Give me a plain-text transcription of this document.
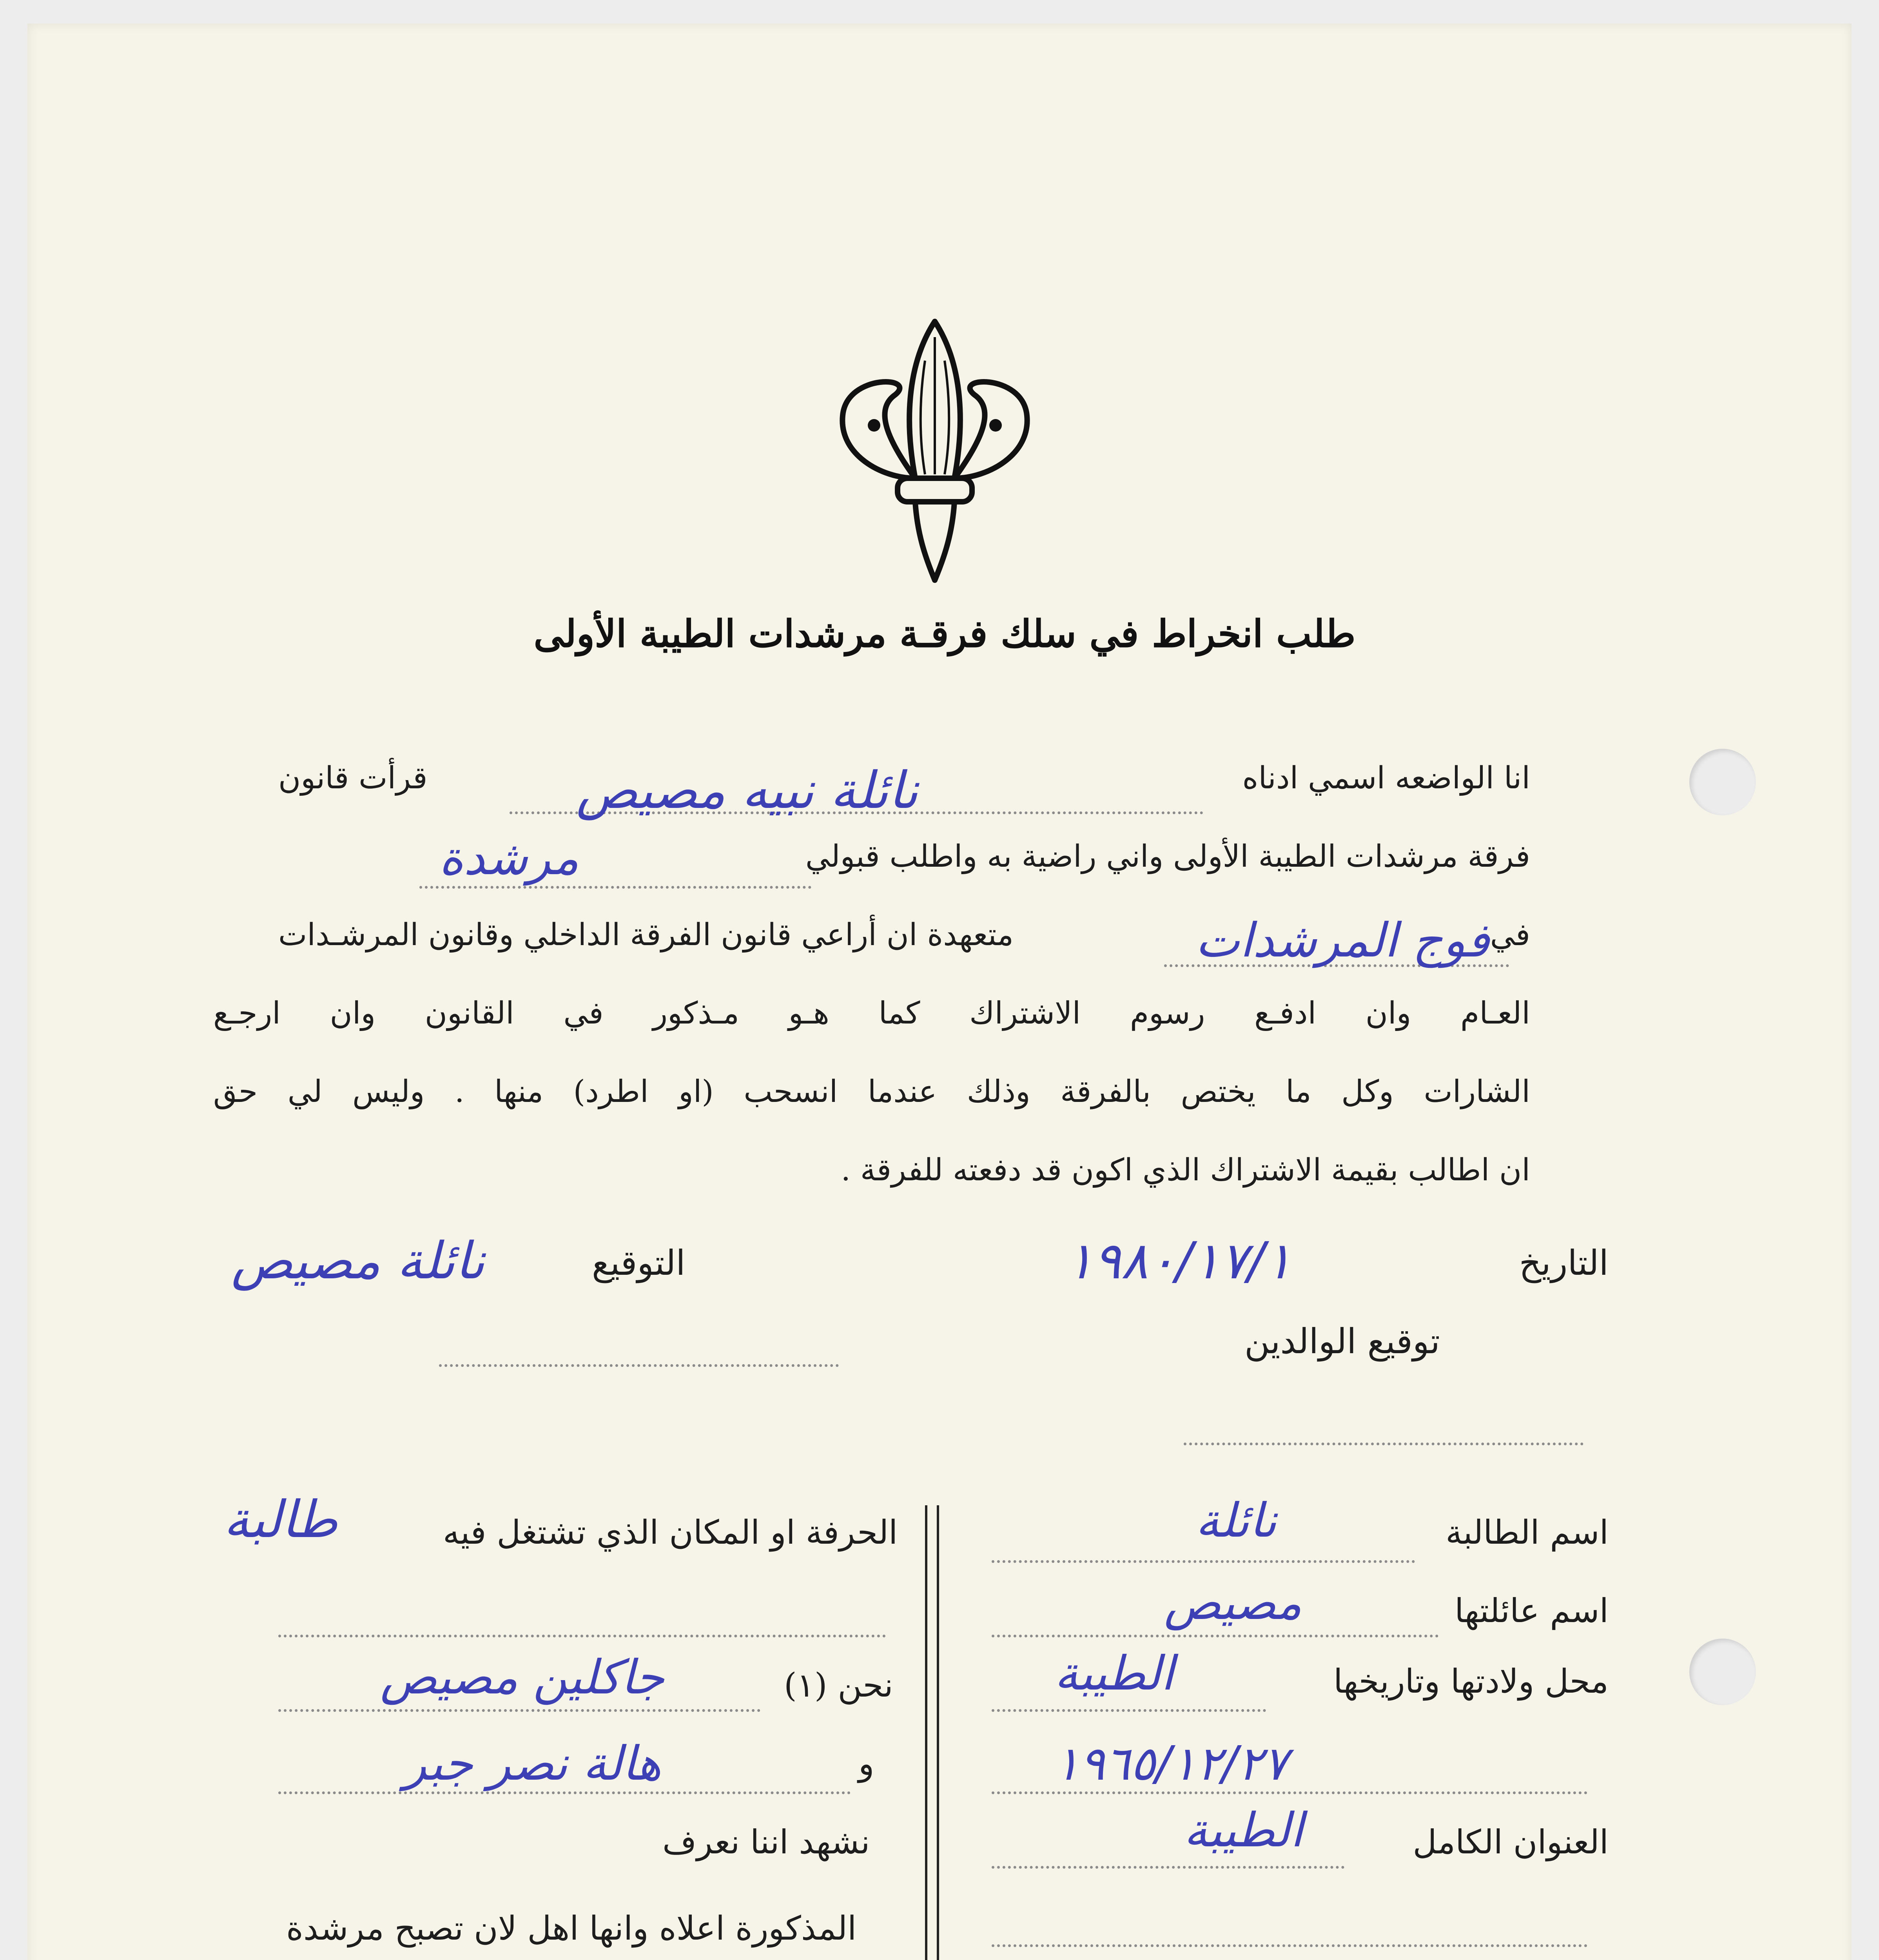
طلب انخراط في سلك فرقـة مرشدات الطيبة الأولى
انا الواضعه اسمي ادناه
نائلة نبيه مصيص
قرأت قانون
فرقة مرشدات الطيبة الأولى واني راضية به واطلب قبولي
مرشدة
في
فوج المرشدات
متعهدة ان أراعي قانون الفرقة الداخلي وقانون المرشـدات
العـام وان ادفـع رسوم الاشتراك كما هـو مـذكور في القانون وان ارجـع
الشارات وكل ما يختص بالفرقة وذلك عندما انسحب (او اطرد) منها . وليس لي حق
ان اطالب بقيمة الاشتراك الذي اكون قد دفعته للفرقة .
التاريخ
١٩٨٠/١٧/١
التوقيع
نائلة مصيص
توقيع الوالدين
اسم الطالبة
نائلة
اسم عائلتها
مصيص
محل ولادتها وتاريخها
الطيبة
١٩٦٥/١٢/٢٧
العنوان الكامل
الطيبة
الحرفة او المكان الذي تشتغل فيه
طالبة
نحن (١)
جاكلين مصيص
و
هالة نصر جبر
نشهد اننا نعرف
المذكورة اعلاه وانها اهل لان تصبح مرشدة
